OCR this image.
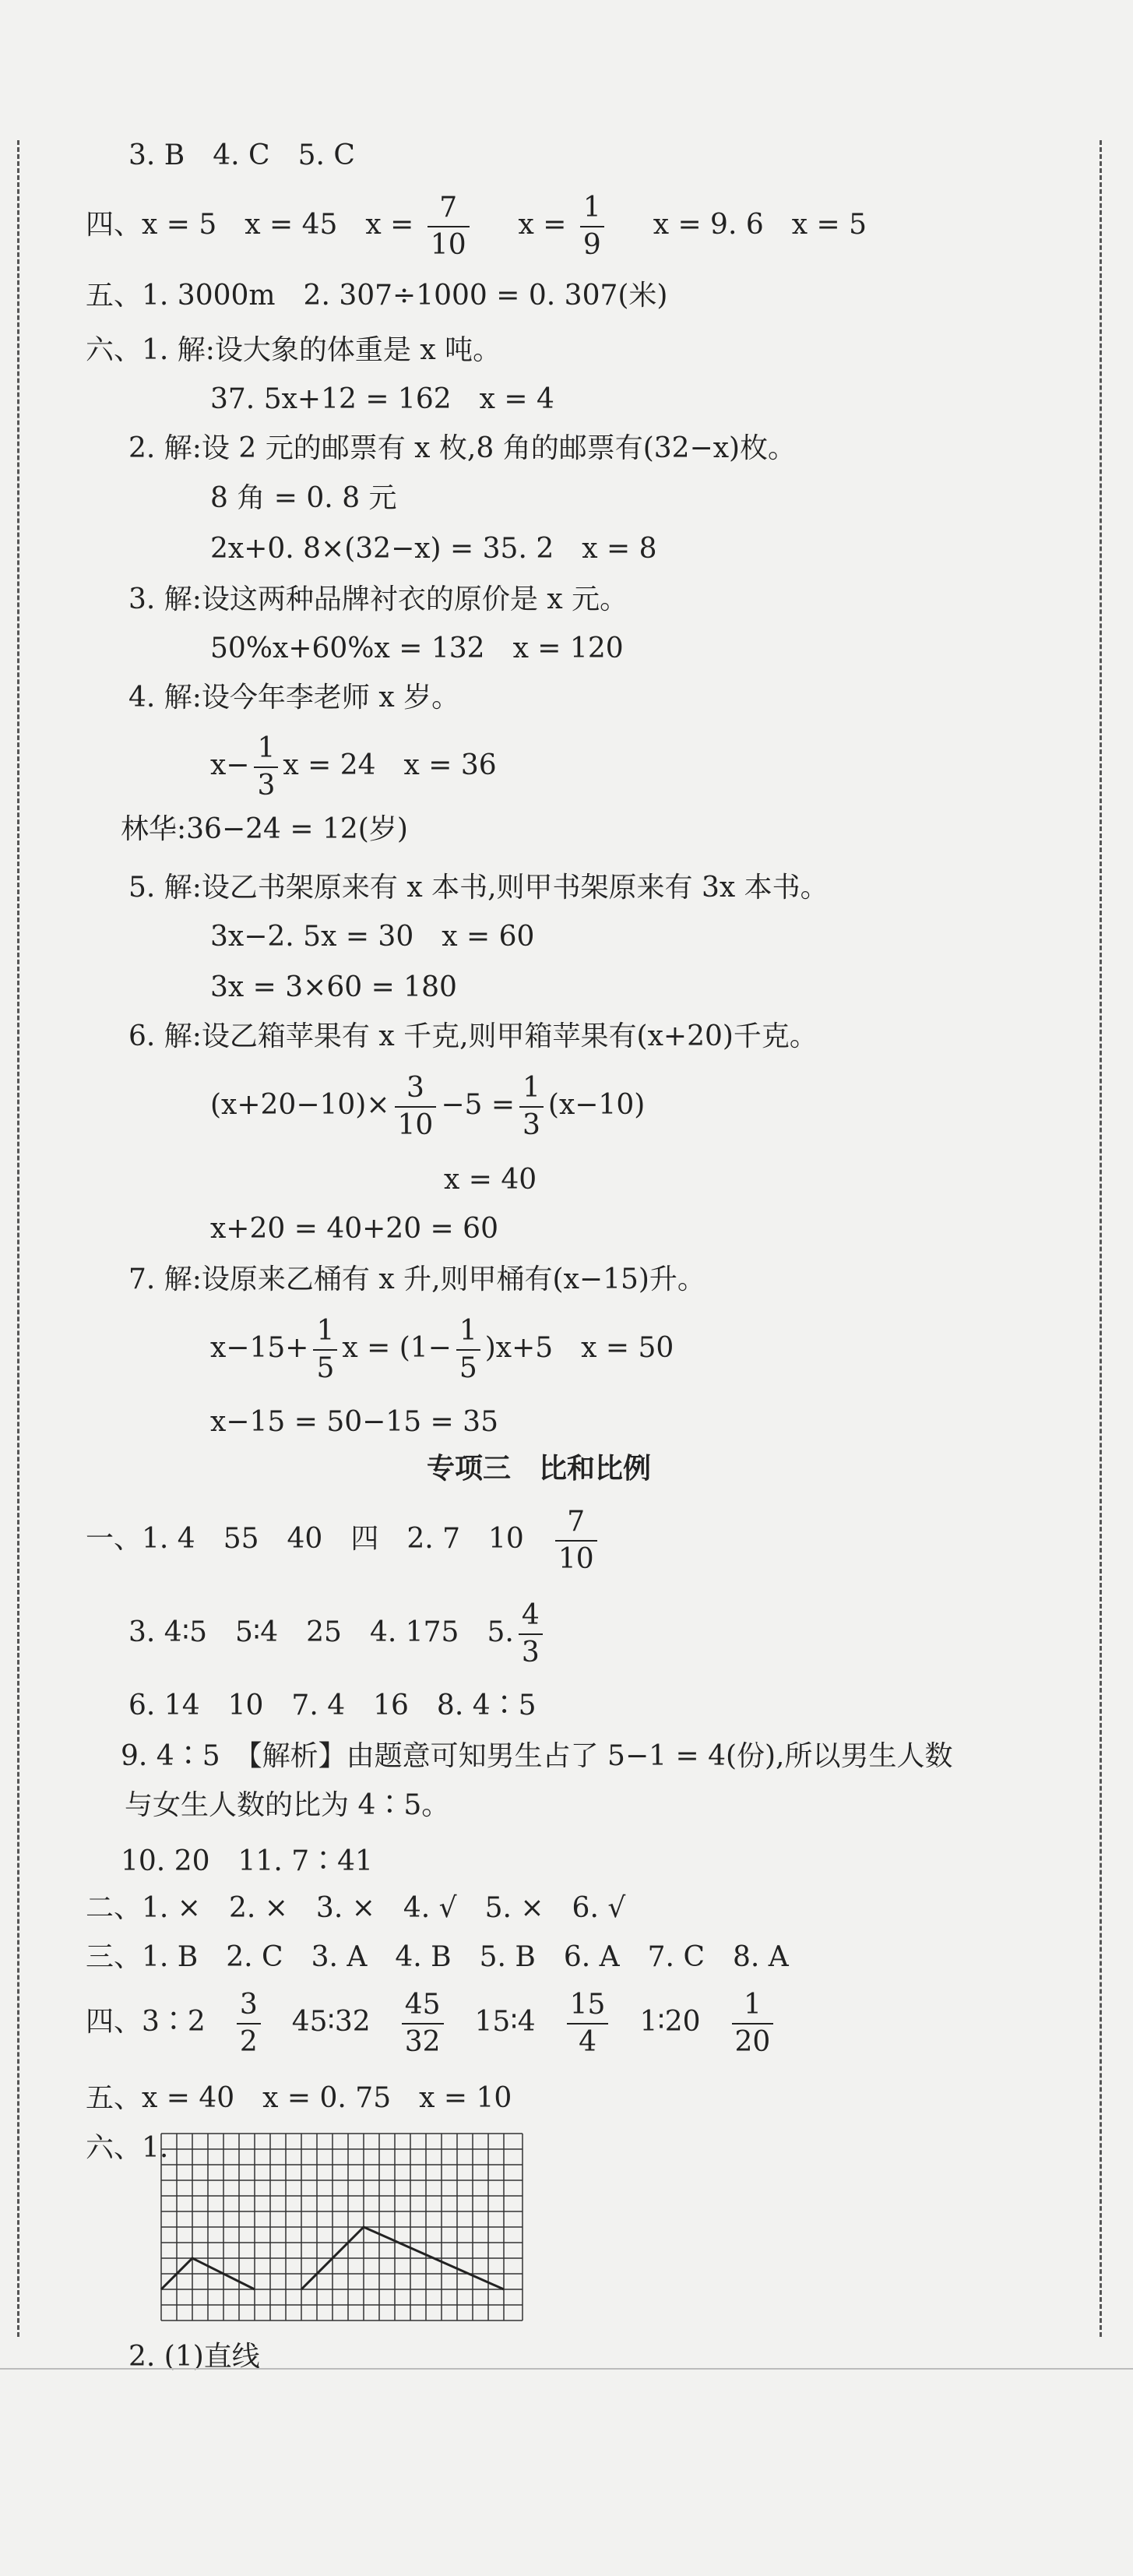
3. B　4. C　5. C
四、x = 5　x = 45　$x = \frac{7}{10}$ $x = \frac{1}{9}$ x = 9. 6　x = 5
五、1. 3000m　2. 307÷1000 = 0. 307(米)
六、1. 解:设大象的体重是 x 吨。
37. 5x+12 = 162　x = 4
2. 解:设 2 元的邮票有 x 枚,8 角的邮票有(32−x)枚。
8 角 = 0. 8 元
2x+0. 8×(32−x) = 35. 2　x = 8
3. 解:设这两种品牌衬衣的原价是 x 元。
50%x+60%x = 132　x = 120
4. 解:设今年李老师 x 岁。
$x- \frac{1}{3}$ x = 24　x = 36
林华:36−24 = 12(岁)
5. 解:设乙书架原来有 x 本书,则甲书架原来有 3x 本书。
3x−2. 5x = 30　x = 60
3x = 3×60 = 180
6. 解:设乙箱苹果有 x 千克,则甲箱苹果有(x+20)千克。
$(x+20-10)\times \frac{3}{10} -5 = \frac{1}{3} (x-10)$
x = 40
x+20 = 40+20 = 60
7. 解:设原来乙桶有 x 升,则甲桶有(x−15)升。
$x-15+ \frac{1}{5}$ $x = (1- \frac{1}{5} )x+5$　x = 50
x−15 = 50−15 = 35
专项三　比和比例
一、1. 4　55　40　四　2. 7　$10 \frac{7}{10}$
3. 4∶5　5∶4　25　4. 175　5. $\frac{4}{3}$
6. 14　10　7. 4　16　8. 4∶5
9. 4∶5　【解析】由题意可知男生占了 5−1 = 4(份),所以男生人数
与女生人数的比为 4∶5。
10. 20　11. 7∶41
二、1. ×　2. ×　3. ×　4. √　5. ×　6. √
三、1. B　2. C　3. A　4. B　5. B　6. A　7. C　8. A
四、3∶2 $\frac{3}{2}$ 45∶32 $\frac{45}{32}$ 15∶4 $\frac{15}{4}$ 1∶20 $\frac{1}{20}$
五、x = 40　x = 0. 75　x = 10
六、1.
2. (1)直线
